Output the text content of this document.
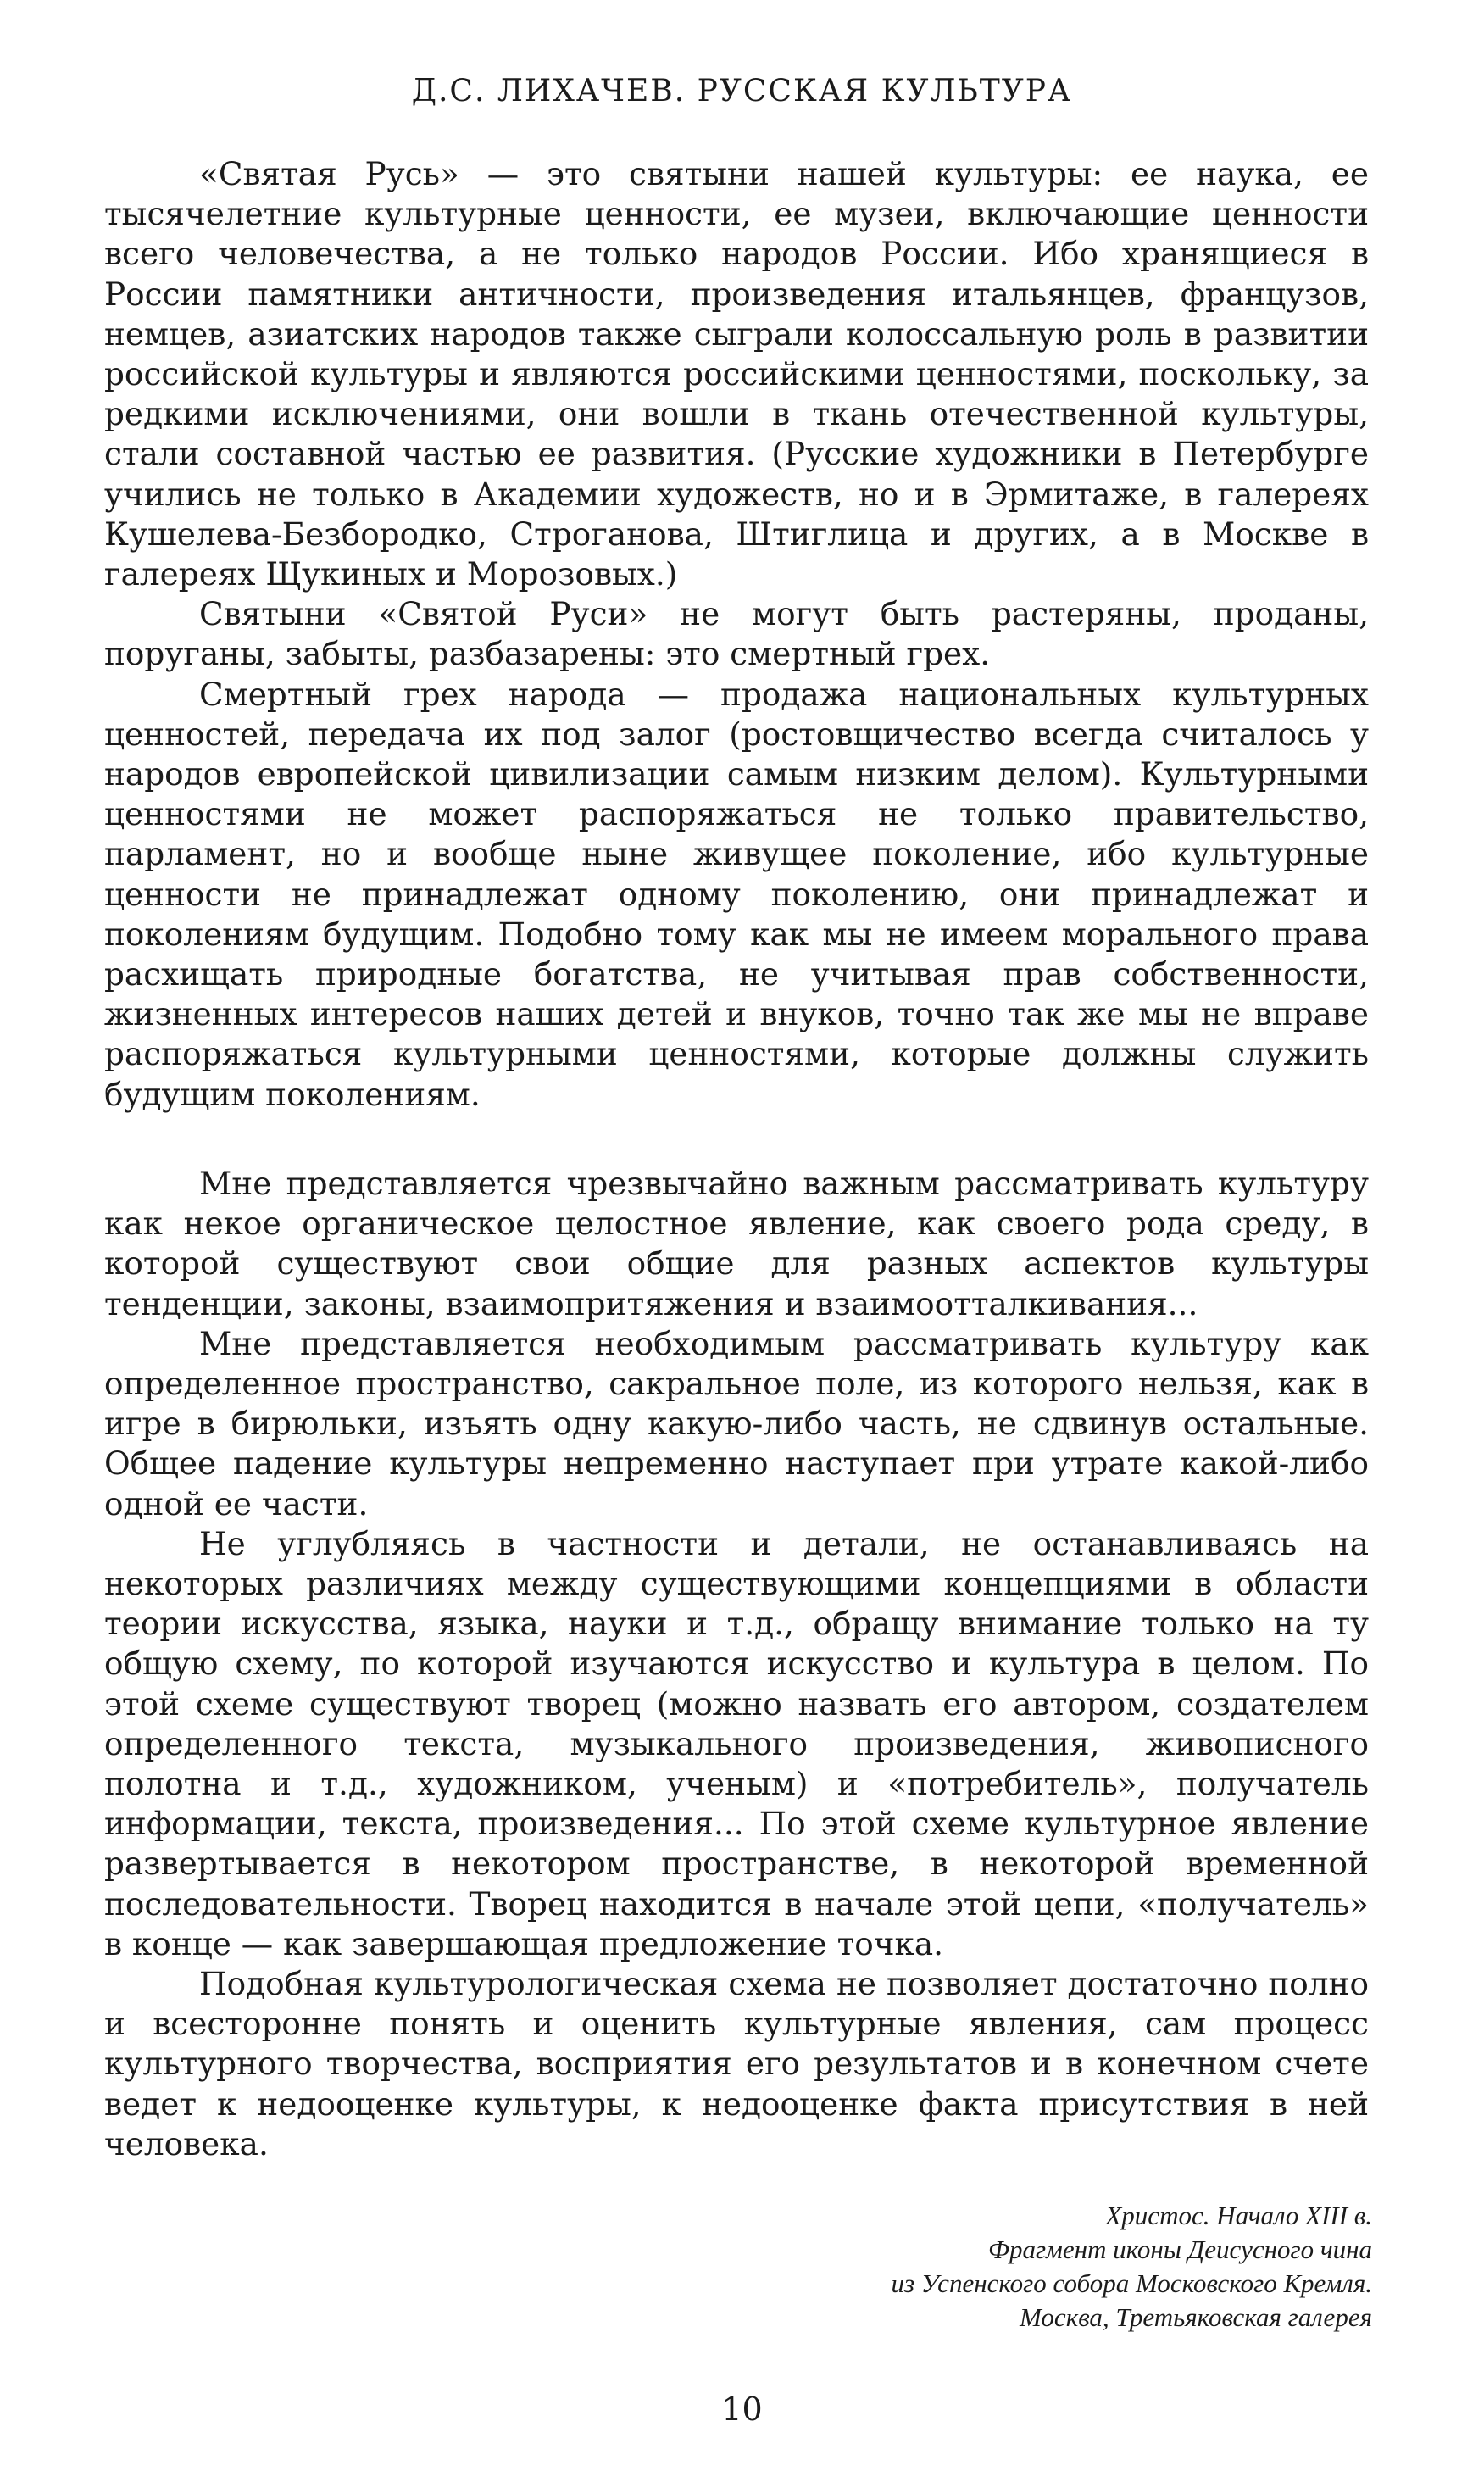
Д.С. ЛИХАЧЕВ. РУССКАЯ КУЛЬТУРА

«Святая Русь» — это святыни нашей культуры: ее наука, ее тысячелетние культурные ценности, ее музеи, включающие ценности всего человечества, а не только народов России. Ибо хранящиеся в России памятники античности, произведения итальянцев, французов, немцев, азиатских народов также сыграли колоссальную роль в развитии российской культуры и являются российскими ценностями, поскольку, за редкими исключениями, они вошли в ткань отечественной культуры, стали составной частью ее развития. (Русские художники в Петербурге учились не только в Академии художеств, но и в Эрмитаже, в галереях Кушелева-Безбородко, Строганова, Штиглица и других, а в Москве в галереях Щукиных и Морозовых.)

Святыни «Святой Руси» не могут быть растеряны, проданы, поруганы, забыты, разбазарены: это смертный грех.

Смертный грех народа — продажа национальных культурных ценностей, передача их под залог (ростовщичество всегда считалось у народов европейской цивилизации самым низким делом). Культурными ценностями не может распоряжаться не только правительство, парламент, но и вообще ныне живущее поколение, ибо культурные ценности не принадлежат одному поколению, они принадлежат и поколениям будущим. Подобно тому как мы не имеем морального права расхищать природные богатства, не учитывая прав собственности, жизненных интересов наших детей и внуков, точно так же мы не вправе распоряжаться культурными ценностями, которые должны служить будущим поколениям.

Мне представляется чрезвычайно важным рассматривать культуру как некое органическое целостное явление, как своего рода среду, в которой существуют свои общие для разных аспектов культуры тенденции, законы, взаимопритяжения и взаимоотталкивания...

Мне представляется необходимым рассматривать культуру как определенное пространство, сакральное поле, из которого нельзя, как в игре в бирюльки, изъять одну какую-либо часть, не сдвинув остальные. Общее падение культуры непременно наступает при утрате какой-либо одной ее части.

Не углубляясь в частности и детали, не останавливаясь на некоторых различиях между существующими концепциями в области теории искусства, языка, науки и т.д., обращу внимание только на ту общую схему, по которой изучаются искусство и культура в целом. По этой схеме существуют творец (можно назвать его автором, создателем определенного текста, музыкального произведения, живописного полотна и т.д., художником, ученым) и «потребитель», получатель информации, текста, произведения... По этой схеме культурное явление развертывается в некотором пространстве, в некоторой временной последовательности. Творец находится в начале этой цепи, «получатель» в конце — как завершающая предложение точка.

Подобная культурологическая схема не позволяет достаточно полно и всесторонне понять и оценить культурные явления, сам процесс культурного творчества, восприятия его результатов и в конечном счете ведет к недооценке культуры, к недооценке факта присутствия в ней человека.

Христос. Начало XIII в.
Фрагмент иконы Деисусного чина
из Успенского собора Московского Кремля.
Москва, Третьяковская галерея
10
